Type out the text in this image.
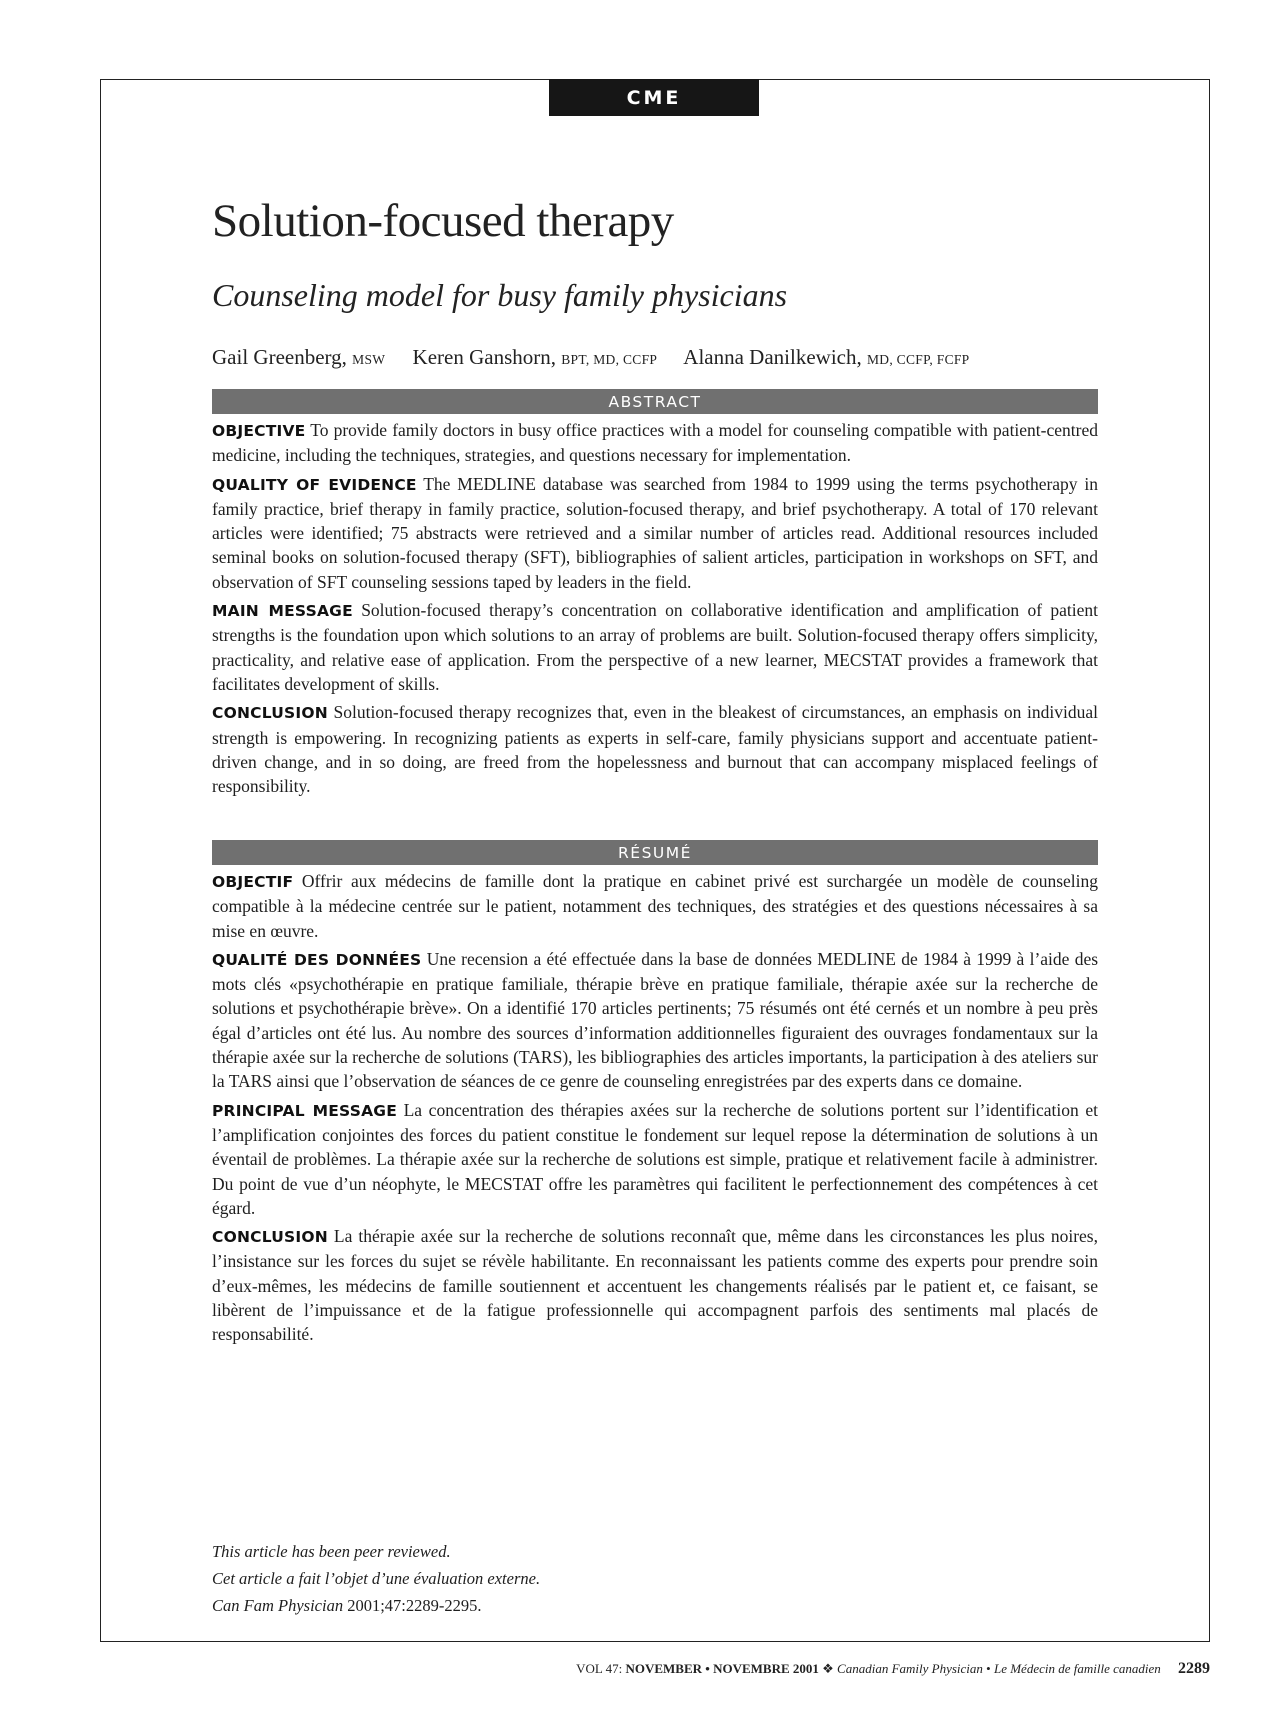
CME
Solution-focused therapy
Counseling model for busy family physicians
Gail Greenberg, MSW Keren Ganshorn, BPT, MD, CCFP Alanna Danilkewich, MD, CCFP, FCFP
ABSTRACT

OBJECTIVE To provide family doctors in busy office practices with a model for counseling compatible with patient-centred medicine, including the techniques, strategies, and questions necessary for implementation.

QUALITY OF EVIDENCE The MEDLINE database was searched from 1984 to 1999 using the terms psychotherapy in family practice, brief therapy in family practice, solution-focused therapy, and brief psychotherapy. A total of 170 relevant articles were identified; 75 abstracts were retrieved and a similar number of articles read. Additional resources included seminal books on solution-focused therapy (SFT), bibliographies of salient articles, participation in workshops on SFT, and observation of SFT counseling sessions taped by leaders in the field.

MAIN MESSAGE Solution-focused therapy’s concentration on collaborative identification and amplification of patient strengths is the foundation upon which solutions to an array of problems are built. Solution-focused therapy offers simplicity, practicality, and relative ease of application. From the perspective of a new learner, MECSTAT provides a framework that facilitates development of skills.

CONCLUSION Solution-focused therapy recognizes that, even in the bleakest of circumstances, an emphasis on individual strength is empowering. In recognizing patients as experts in self-care, family physicians support and accentuate patient-driven change, and in so doing, are freed from the hopelessness and burnout that can accompany misplaced feelings of responsibility.

RÉSUMÉ

OBJECTIF Offrir aux médecins de famille dont la pratique en cabinet privé est surchargée un modèle de counseling compatible à la médecine centrée sur le patient, notamment des techniques, des stratégies et des questions nécessaires à sa mise en œuvre.

QUALITÉ DES DONNÉES Une recension a été effectuée dans la base de données MEDLINE de 1984 à 1999 à l’aide des mots clés «psychothérapie en pratique familiale, thérapie brève en pratique familiale, thérapie axée sur la recherche de solutions et psychothérapie brève». On a identifié 170 articles pertinents; 75 résumés ont été cernés et un nombre à peu près égal d’articles ont été lus. Au nombre des sources d’information additionnelles figuraient des ouvrages fondamentaux sur la thérapie axée sur la recherche de solutions (TARS), les bibliographies des articles importants, la participation à des ateliers sur la TARS ainsi que l’observation de séances de ce genre de counseling enregistrées par des experts dans ce domaine.

PRINCIPAL MESSAGE La concentration des thérapies axées sur la recherche de solutions portent sur l’identification et l’amplification conjointes des forces du patient constitue le fondement sur lequel repose la détermination de solutions à un éventail de problèmes. La thérapie axée sur la recherche de solutions est simple, pratique et relativement facile à administrer. Du point de vue d’un néophyte, le MECSTAT offre les paramètres qui facilitent le perfectionnement des compétences à cet égard.

CONCLUSION La thérapie axée sur la recherche de solutions reconnaît que, même dans les circonstances les plus noires, l’insistance sur les forces du sujet se révèle habilitante. En reconnaissant les patients comme des experts pour prendre soin d’eux-mêmes, les médecins de famille soutiennent et accentuent les changements réalisés par le patient et, ce faisant, se libèrent de l’impuissance et de la fatigue professionnelle qui accompagnent parfois des sentiments mal placés de responsabilité.

This article has been peer reviewed.
Cet article a fait l’objet d’une évaluation externe.
Can Fam Physician 2001;47:2289-2295.
VOL 47: NOVEMBER • NOVEMBRE 2001 ❖ Canadian Family Physician • Le Médecin de famille canadien 2289
